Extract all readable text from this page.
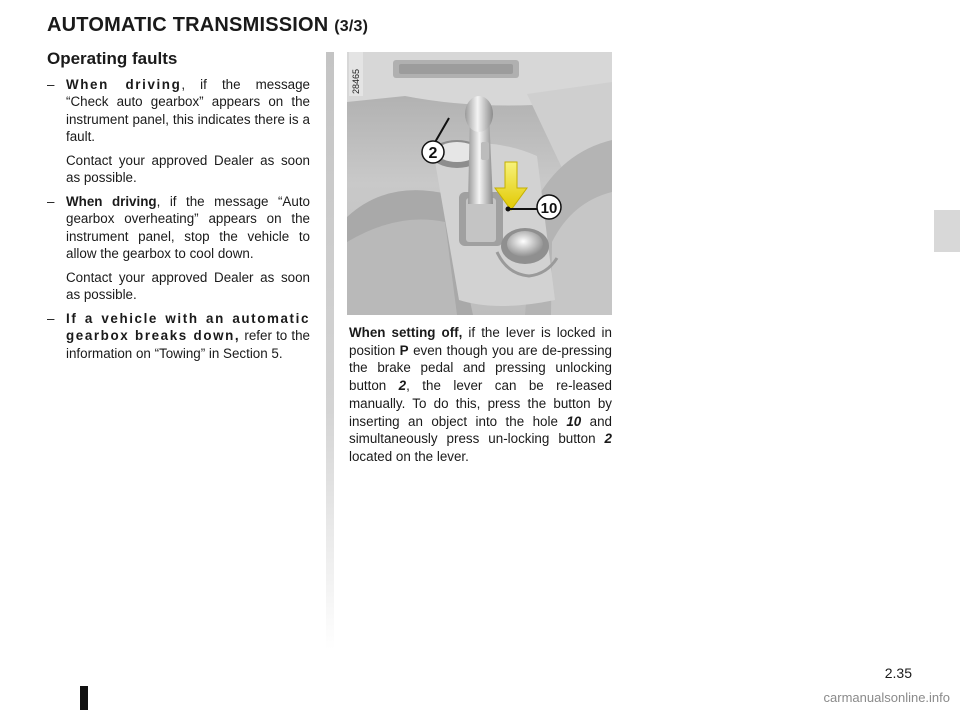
AUTOMATIC TRANSMISSION (3/3)
Operating faults
– When driving, if the message “Check auto gearbox” appears on the instrument panel, this indicates there is a fault.

Contact your approved Dealer as soon as possible.

– When driving, if the message “Auto gearbox overheating” appears on the instrument panel, stop the vehicle to allow the gearbox to cool down.

Contact your approved Dealer as soon as possible.

– If a vehicle with an automatic gearbox breaks down, refer to the information on “Towing” in Section 5.

2
10
28465
When setting off, if the lever is locked in position P even though you are de-pressing the brake pedal and pressing unlocking button 2, the lever can be re-leased manually. To do this, press the button by inserting an object into the hole 10 and simultaneously press un-locking button 2 located on the lever.
2.35
carmanualsonline.info
